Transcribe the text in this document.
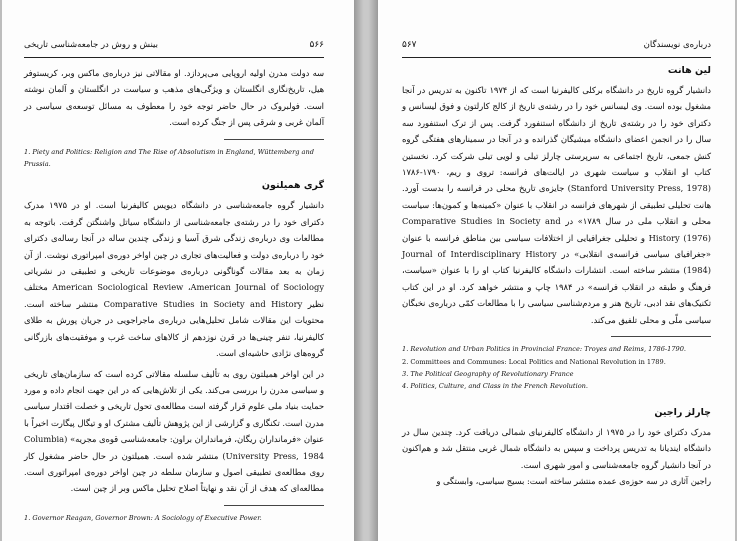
۵۶۶
بینش و روش در جامعه‌شناسی تاریخی

سه دولت مدرن اولیه اروپایی می‌پردازد. او مقالاتی نیز درباره‌ی ماکس وبر، کریستوفر هیل، تاریخ‌نگاری انگلستان و ویژگی‌های مذهب و سیاست در انگلستان و آلمان نوشته است. فولبروک در حال حاضر توجه خود را معطوف به مسائل توسعه‌ی سیاسی در آلمان غربی و شرقی پس از جنگ کرده است.

1. Piety and Politics: Religion and The Rise of Absolutism in England, Wüttemberg and Prussia.

گری همیلتون

دانشیار گروه جامعه‌شناسی در دانشگاه دیویس کالیفرنیا است. او در ۱۹۷۵ مدرک دکترای خود را در رشته‌ی جامعه‌شناسی از دانشگاه سیاتل واشنگتن گرفت. باتوجه به مطالعات وی درباره‌ی زندگی شرق آسیا و زندگی چندین ساله در آنجا رساله‌ی دکترای خود را درباره‌ی دولت و فعالیت‌های تجاری در چین اواخر دوره‌ی امپراتوری نوشت. از آن زمان به بعد مقالات گوناگونی درباره‌ی موضوعات تاریخی و تطبیقی در نشریاتی American Sociological Review ،American Journal of Sociology مختلف نظیر Comparative Studies in Society and History منتشر ساخته است. محتویات این مقالات شامل تحلیل‌هایی درباره‌ی ماجراجویی در جریان پورش به طلای کالیفرنیا، تنفر چینی‌ها در قرن نوزدهم از کالاهای ساخت غرب و موفقیت‌های بازرگانی گروه‌های نژادی حاشیه‌ای است.

در این اواخر همیلتون روی به تألیف سلسله مقالاتی کرده است که سازمان‌های تاریخی و سیاسی مدرن را بررسی می‌کند. یکی از تلاش‌هایی که در این جهت انجام داده و مورد حمایت بنیاد ملی علوم قرار گرفته است مطالعه‌ی تحول تاریخی و خصلت اقتدار سیاسی مدرن است. تکنگاری و گزارشی از این پژوهش تألیف مشترک او و تیگال پیگارت اخیراً با عنوان «فرمانداران ریگان، فرمانداران براون: جامعه‌شناسی قوه‌ی مجریه» (Columbia University Press, 1984) منتشر شده است. همیلتون در حال حاضر مشغول کار روی مطالعه‌ی تطبیقی اصول و سازمان سلطه در چین اواخر دوره‌ی امپراتوری است. مطالعه‌ای که هدف از آن نقد و نهایتاً اصلاح تحلیل ماکس وبر از چین است.

1. Governor Reagan, Governor Brown: A Sociology of Executive Power.

درباره‌ی نویسندگان
۵۶۷
لین هانت

دانشیار گروه تاریخ در دانشگاه برکلی کالیفرنیا است که از ۱۹۷۴ تاکنون به تدریس در آنجا مشغول بوده است. وی لیسانس خود را در رشته‌ی تاریخ از کالج کارلتون و فوق لیسانس و دکترای خود را در رشته‌ی تاریخ از دانشگاه استنفورد گرفت. پس از ترک استنفورد سه سال را در انجمن اعضای دانشگاه میشیگان گذرانده و در آنجا در سمینارهای هفتگی گروه کنش جمعی، تاریخ اجتماعی به سرپرستی چارلز تیلی و لویی تیلی شرکت کرد. نخستین کتاب او انقلاب و سیاست شهری در ایالت‌های فرانسه: تروی و ریم، ۱۷۹۰-۱۷۸۶ (Stanford University Press, 1978) جایزه‌ی تاریخ محلی در فرانسه را بدست آورد. هانت تحلیلی تطبیقی از شهرهای فرانسه در انقلاب با عنوان «کمینه‌ها و کمون‌ها: سیاست محلی و انقلاب ملی در سال ۱۷۸۹» در Comparative Studies in Society and History (1976) و تحلیلی جغرافیایی از اختلافات سیاسی بین مناطق فرانسه با عنوان «جغرافیای سیاسی فرانسه‌ی انقلابی» در Journal of Interdisciplinary History (1984) منتشر ساخته است. انتشارات دانشگاه کالیفرنیا کتاب او را با عنوان «سیاست، فرهنگ و طبقه در انقلاب فرانسه» در ۱۹۸۴ چاپ و منتشر خواهد کرد. او در این کتاب تکنیک‌های نقد ادبی، تاریخ هنر و مردم‌شناسی سیاسی را با مطالعات کمّی درباره‌ی نخبگان سیاسی ملّی و محلی تلفیق می‌کند.

1. Revolution and Urban Politics in Provincial France: Troyes and Reims, 1786-1790.

2. Committees and Communes: Local Politics and National Revolution in 1789.

3. The Political Geography of Revolutionary France

4. Politics, Culture, and Class in the French Revolution.

چارلز راجین

مدرک دکترای خود را در ۱۹۷۵ از دانشگاه کالیفرنیای شمالی دریافت کرد. چندین سال در دانشگاه ایندیانا به تدریس پرداخت و سپس به دانشگاه شمال غربی منتقل شد و هم‌اکنون در آنجا دانشیار گروه جامعه‌شناسی و امور شهری است.

راجین آثاری در سه حوزه‌ی عمده منتشر ساخته است: بسیج سیاسی، وابستگی و
